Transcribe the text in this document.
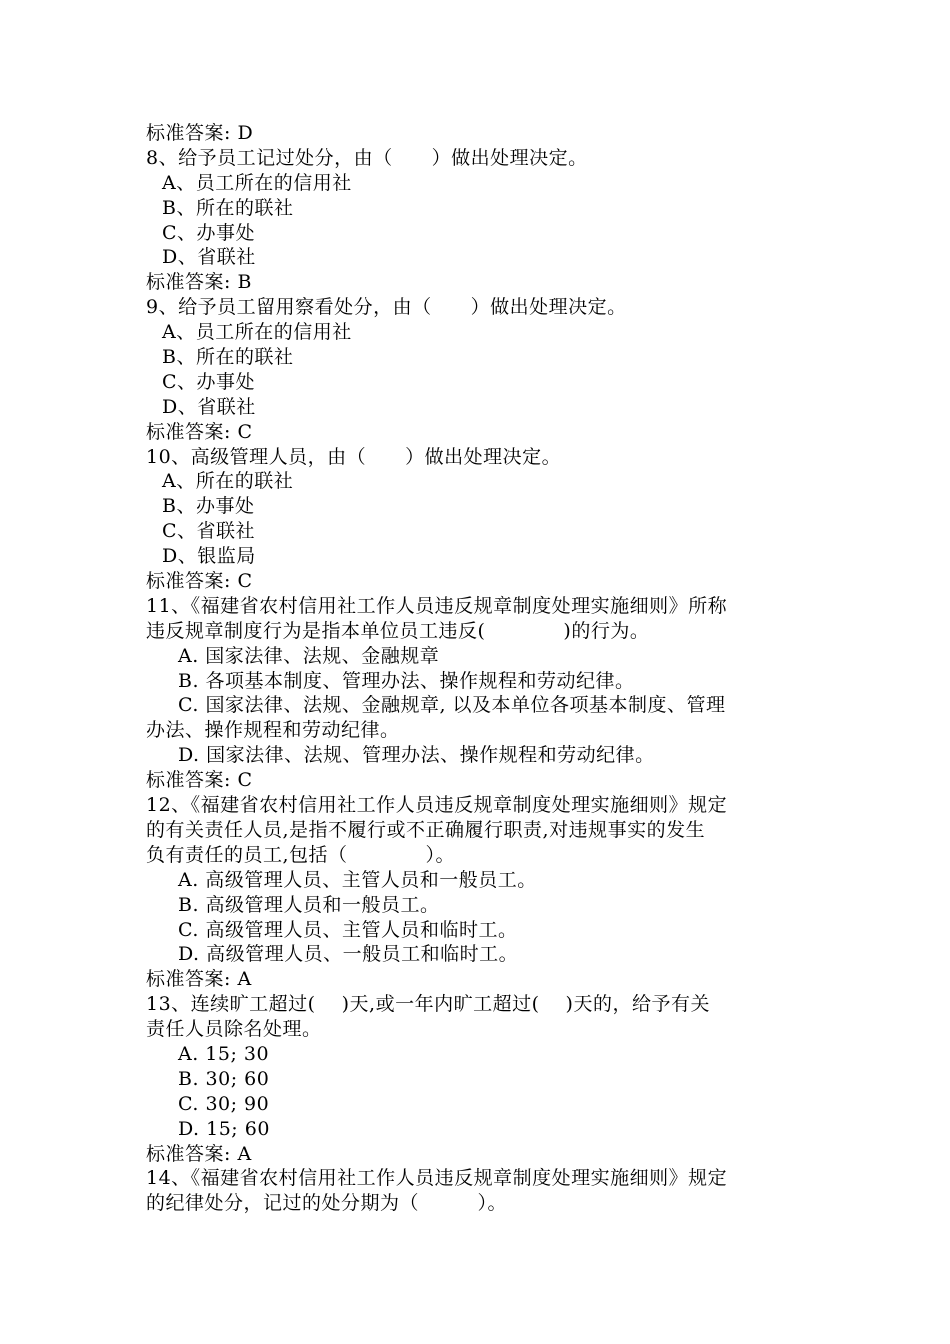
标准答案: D
8、给予员工记过处分，由（　　）做出处理决定。
A、员工所在的信用社
B、所在的联社
C、办事处
D、省联社
标准答案: B
9、给予员工留用察看处分，由（　　）做出处理决定。
A、员工所在的信用社
B、所在的联社
C、办事处
D、省联社
标准答案: C
10、高级管理人员，由（　　）做出处理决定。
A、所在的联社
B、办事处
C、省联社
D、银监局
标准答案: C
11、《福建省农村信用社工作人员违反规章制度处理实施细则》所称
违反规章制度行为是指本单位员工违反(　　　　)的行为。
A. 国家法律、法规、金融规章
B. 各项基本制度、管理办法、操作规程和劳动纪律。
C. 国家法律、法规、金融规章, 以及本单位各项基本制度、管理
办法、操作规程和劳动纪律。
D. 国家法律、法规、管理办法、操作规程和劳动纪律。
标准答案: C
12、《福建省农村信用社工作人员违反规章制度处理实施细则》规定
的有关责任人员,是指不履行或不正确履行职责,对违规事实的发生
负有责任的员工,包括（　　　　）。
A. 高级管理人员、主管人员和一般员工。
B. 高级管理人员和一般员工。
C. 高级管理人员、主管人员和临时工。
D. 高级管理人员、一般员工和临时工。
标准答案: A
13、连续旷工超过(　 )天,或一年内旷工超过(　 )天的，给予有关
责任人员除名处理。
A. 15; 30
B. 30; 60
C. 30; 90
D. 15; 60
标准答案: A
14、《福建省农村信用社工作人员违反规章制度处理实施细则》规定
的纪律处分，记过的处分期为（　　　）。
